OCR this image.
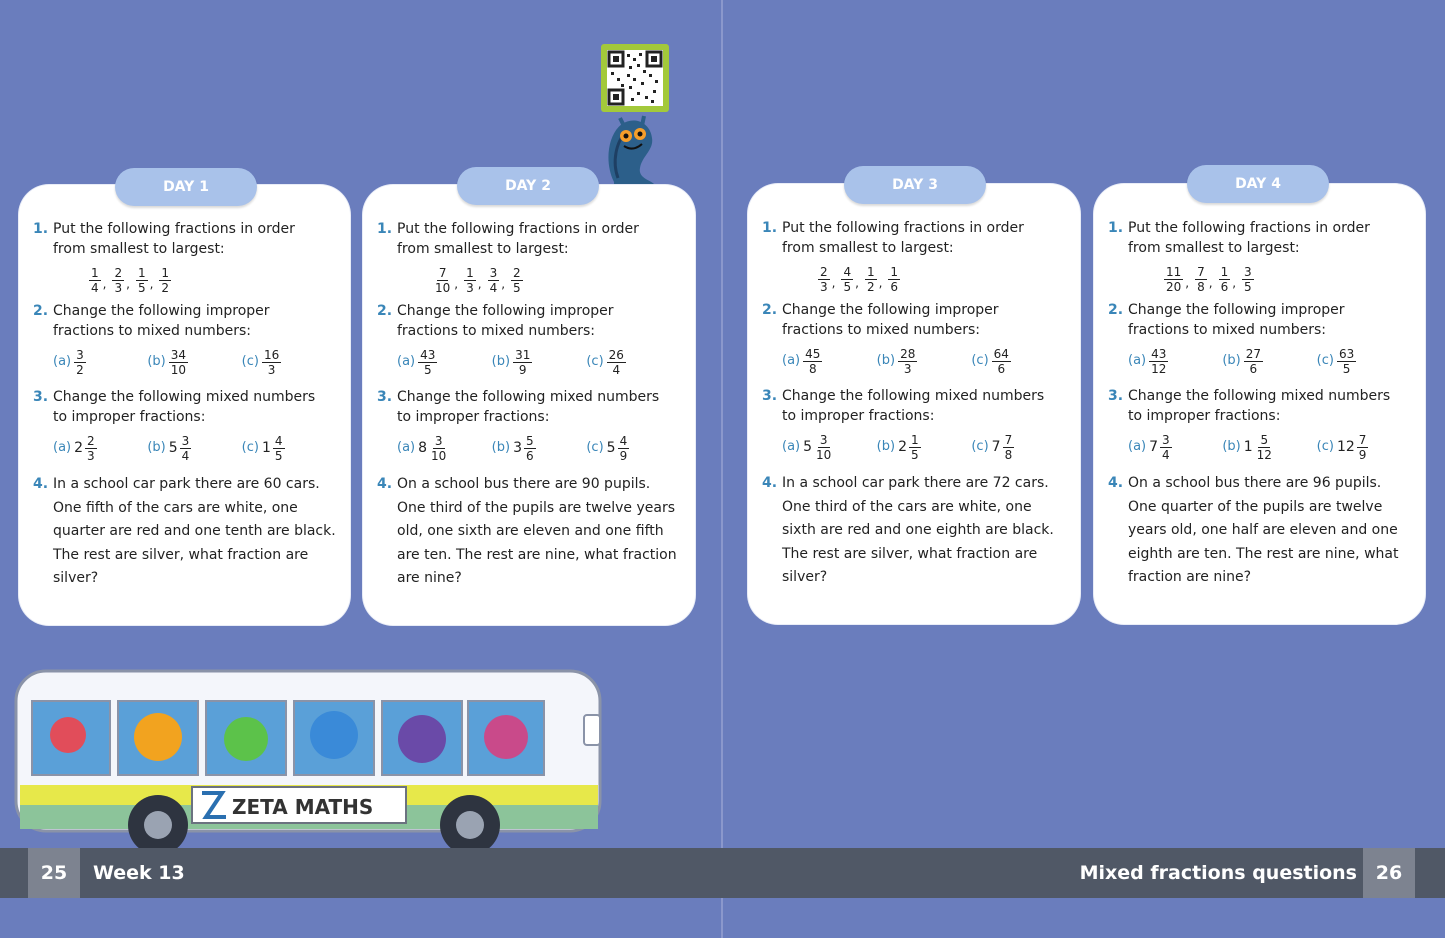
1. Put the following fractions in order
from smallest to largest:
$\frac{1}{4}$ , $\frac{2}{3}$ , $\frac{1}{5}$ , $\frac{1}{2}$
2. Change the following improper
fractions to mixed numbers:
$(a) \frac{3}{2}$	$(b) \frac{34}{10}$	$(c) \frac{16}{3}$
3. Change the following mixed numbers
to improper fractions:
(a) $2 \frac{2}{3}$	(b) $5 \frac{3}{4}$	(c) $1 \frac{4}{5}$
4. In a school car park there are 60 cars.
One fifth of the cars are white, one
quarter are red and one tenth are black.
The rest are silver, what fraction are
silver?
1. Put the following fractions in order
from smallest to largest:
$\frac{7}{10}$ , $\frac{1}{3}$ , $\frac{3}{4}$ , $\frac{2}{5}$
2. Change the following improper
fractions to mixed numbers:
$(a) \frac{43}{5}$	$(b) \frac{31}{9}$	$(c) \frac{26}{4}$
3. Change the following mixed numbers
to improper fractions:
(a) $8 \frac{3}{10}$	(b) $3 \frac{5}{6}$	(c) $5 \frac{4}{9}$
4. On a school bus there are 90 pupils.
One third of the pupils are twelve years
old, one sixth are eleven and one fifth
are ten. The rest are nine, what fraction
are nine?
1. Put the following fractions in order
from smallest to largest:
$\frac{2}{3}$ , $\frac{4}{5}$ , $\frac{1}{2}$ , $\frac{1}{6}$
2. Change the following improper
fractions to mixed numbers:
$(a) \frac{45}{8}$	$(b) \frac{28}{3}$	$(c) \frac{64}{6}$
3. Change the following mixed numbers
to improper fractions:
(a) $5 \frac{3}{10}$	(b) $2 \frac{1}{5}$	(c) $7 \frac{7}{8}$
4. In a school car park there are 72 cars.
One third of the cars are white, one
sixth are red and one eighth are black.
The rest are silver, what fraction are
silver?
1. Put the following fractions in order
from smallest to largest:
$\frac{11}{20}$ , $\frac{7}{8}$ , $\frac{1}{6}$ , $\frac{3}{5}$
2. Change the following improper
fractions to mixed numbers:
$(a) \frac{43}{12}$	$(b) \frac{27}{6}$	$(c) \frac{63}{5}$
3. Change the following mixed numbers
to improper fractions:
(a) $7 \frac{3}{4}$	(b) $1 \frac{5}{12}$	(c) $12 \frac{7}{9}$
4. On a school bus there are 96 pupils.
One quarter of the pupils are twelve
years old, one half are eleven and one
eighth are ten. The rest are nine, what
fraction are nine?
ZETA MATHS
25	Week 13	Mixed fractions questions 26
DAY 1	DAY 2	DAY 3	DAY 4
